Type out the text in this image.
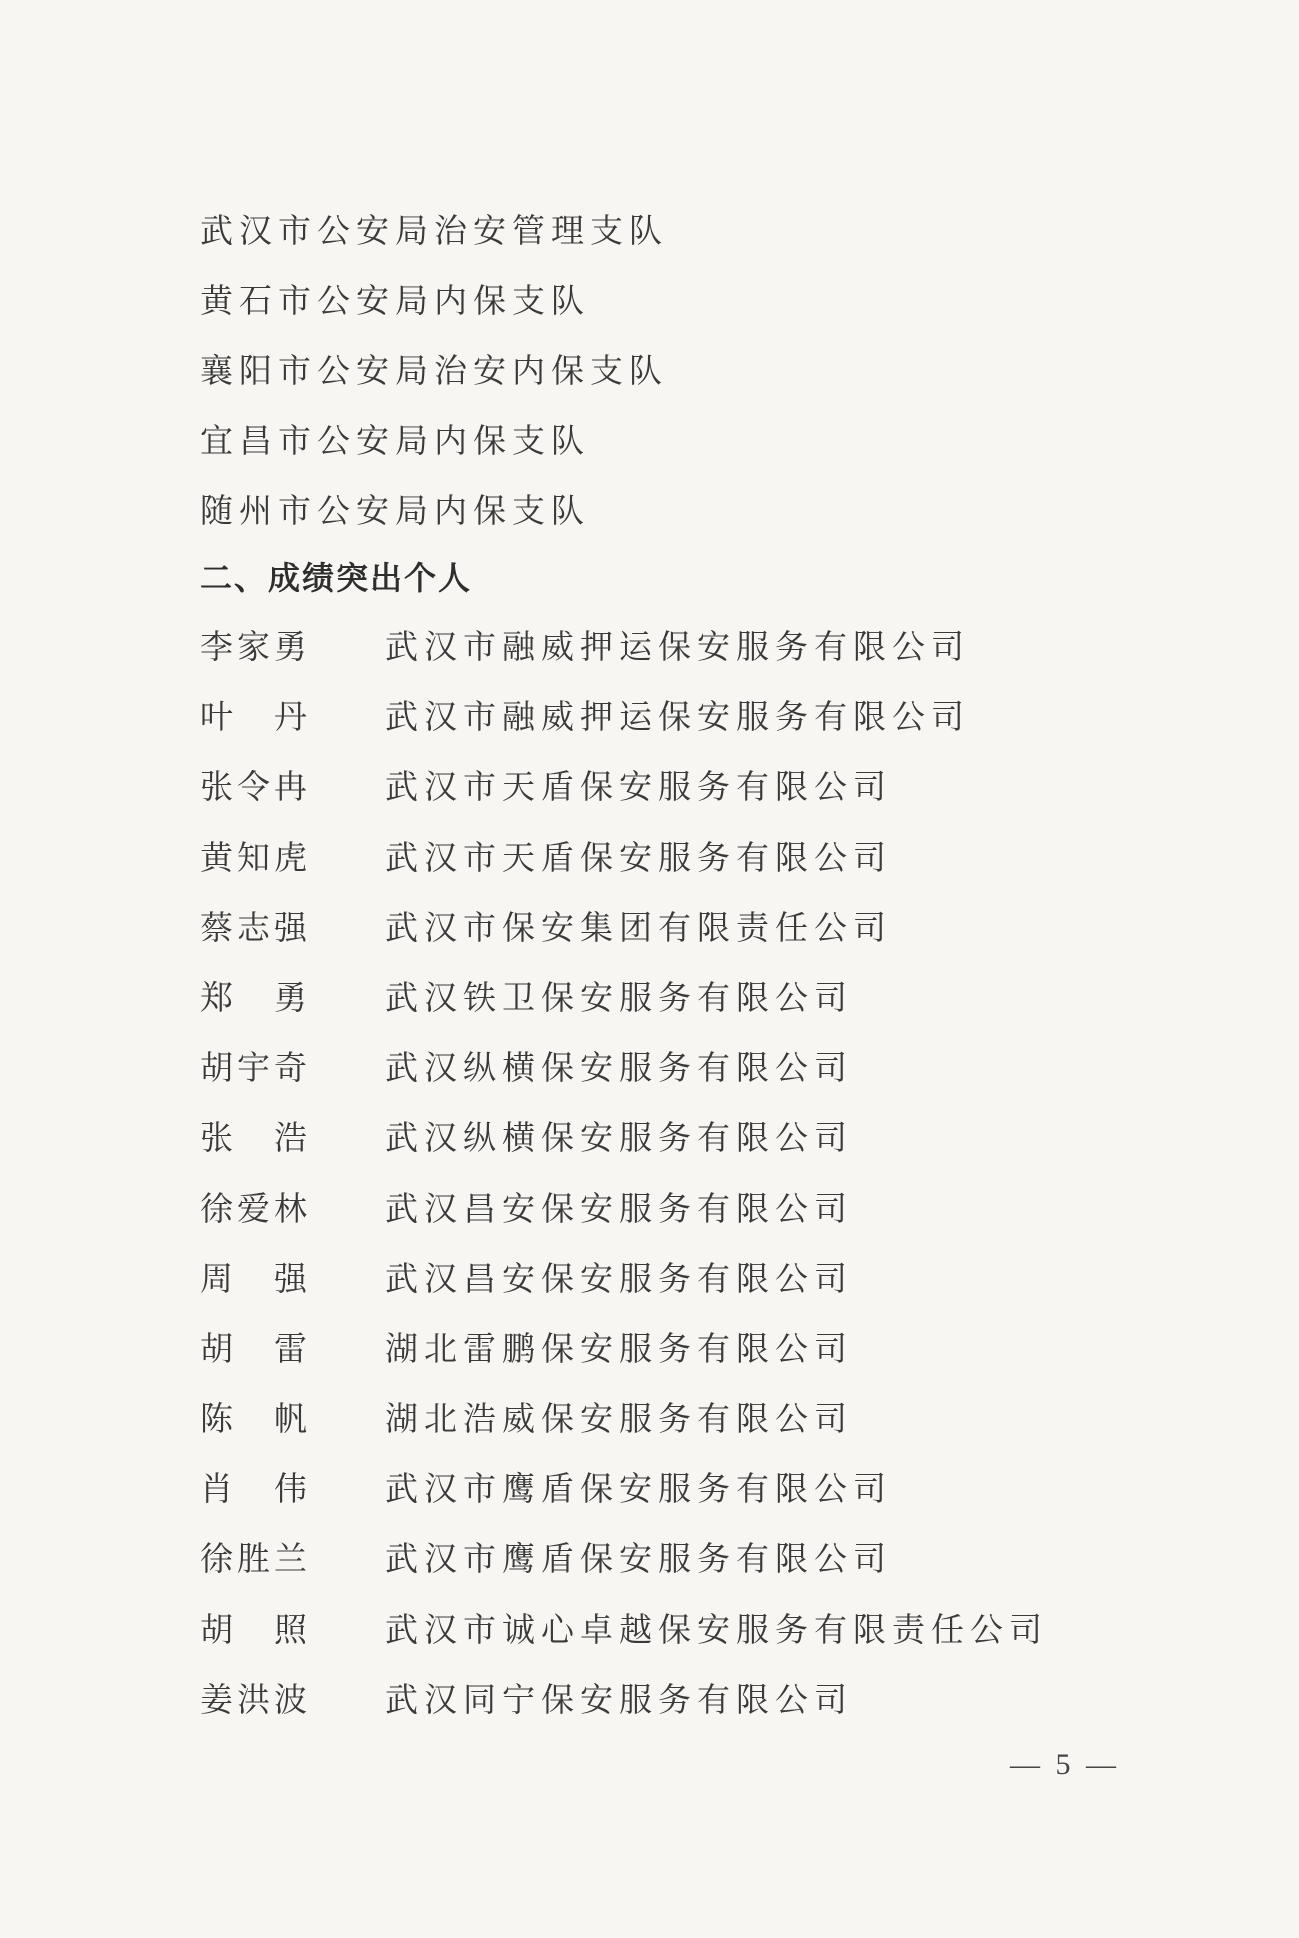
武汉市公安局治安管理支队
黄石市公安局内保支队
襄阳市公安局治安内保支队
宜昌市公安局内保支队
随州市公安局内保支队
二、成绩突出个人
李 家 勇 武汉市融威押运保安服务有限公司
叶 丹 武汉市融威押运保安服务有限公司
张 令 冉 武汉市天盾保安服务有限公司
黄 知 虎 武汉市天盾保安服务有限公司
蔡 志 强 武汉市保安集团有限责任公司
郑 勇 武汉铁卫保安服务有限公司
胡 宇 奇 武汉纵横保安服务有限公司
张 浩 武汉纵横保安服务有限公司
徐 爱 林 武汉昌安保安服务有限公司
周 强 武汉昌安保安服务有限公司
胡 雷 湖北雷鹏保安服务有限公司
陈 帆 湖北浩威保安服务有限公司
肖 伟 武汉市鹰盾保安服务有限公司
徐 胜 兰 武汉市鹰盾保安服务有限公司
胡 照 武汉市诚心卓越保安服务有限责任公司
姜 洪 波 武汉同宁保安服务有限公司
— 5 —
